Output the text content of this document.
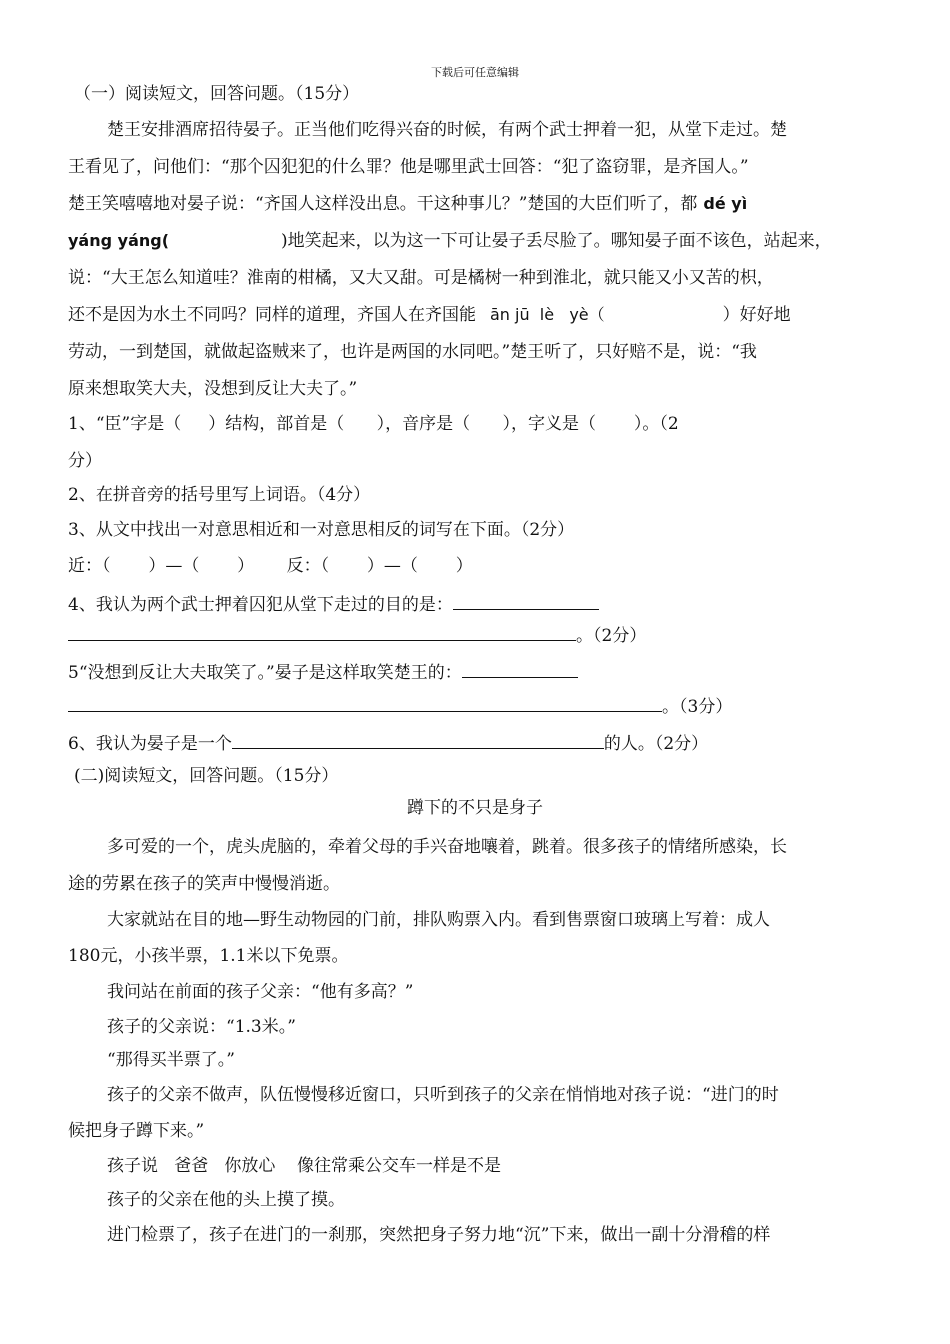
下载后可任意编辑
（一）阅读短文，回答问题。（15分）
楚王安排酒席招待晏子。正当他们吃得兴奋的时候，有两个武士押着一犯，从堂下走过。楚
王看见了，问他们：“那个囚犯犯的什么罪？他是哪里武士回答：“犯了盗窃罪，是齐国人。”
楚王笑嘻嘻地对晏子说：“齐国人这样没出息。干这种事儿？”楚国的大臣们听了，都 dé yì
yáng yáng(	)地笑起来，以为这一下可让晏子丢尽脸了。哪知晏子面不该色，站起来，
说：“大王怎么知道哇？淮南的柑橘，又大又甜。可是橘树一种到淮北，就只能又小又苦的枳，
还不是因为水土不同吗？同样的道理，齐国人在齐国能 ān jū  lè   yè（	）好好地
劳动，一到楚国，就做起盗贼来了，也许是两国的水同吧。”楚王听了，只好赔不是，说：“我
原来想取笑大夫，没想到反让大夫了。”
1、“臣”字是（     ）结构，部首是（      ），音序是（      ），字义是（       ）。（2
分）
2、在拼音旁的括号里写上词语。（4分）
3、从文中找出一对意思相近和一对意思相反的词写在下面。（2分）
近：（       ）—（       ）      反：（       ）—（       ）
4、我认为两个武士押着囚犯从堂下走过的目的是：
。（2分）
5“没想到反让大夫取笑了。”晏子是这样取笑楚王的：
。（3分）
6、我认为晏子是一个	的人。（2分）
(二)阅读短文，回答问题。（15分）
蹲下的不只是身子
多可爱的一个，虎头虎脑的，牵着父母的手兴奋地嚷着，跳着。很多孩子的情绪所感染，长
途的劳累在孩子的笑声中慢慢消逝。
大家就站在目的地—野生动物园的门前，排队购票入内。看到售票窗口玻璃上写着：成人
180元，小孩半票，1.1米以下免票。
我问站在前面的孩子父亲：“他有多高？”
孩子的父亲说：“1.3米。”
“那得买半票了。”
孩子的父亲不做声，队伍慢慢移近窗口，只听到孩子的父亲在悄悄地对孩子说：“进门的时
候把身子蹲下来。”
孩子说   爸爸   你放心    像往常乘公交车一样是不是
孩子的父亲在他的头上摸了摸。
进门检票了，孩子在进门的一刹那，突然把身子努力地“沉”下来，做出一副十分滑稽的样
